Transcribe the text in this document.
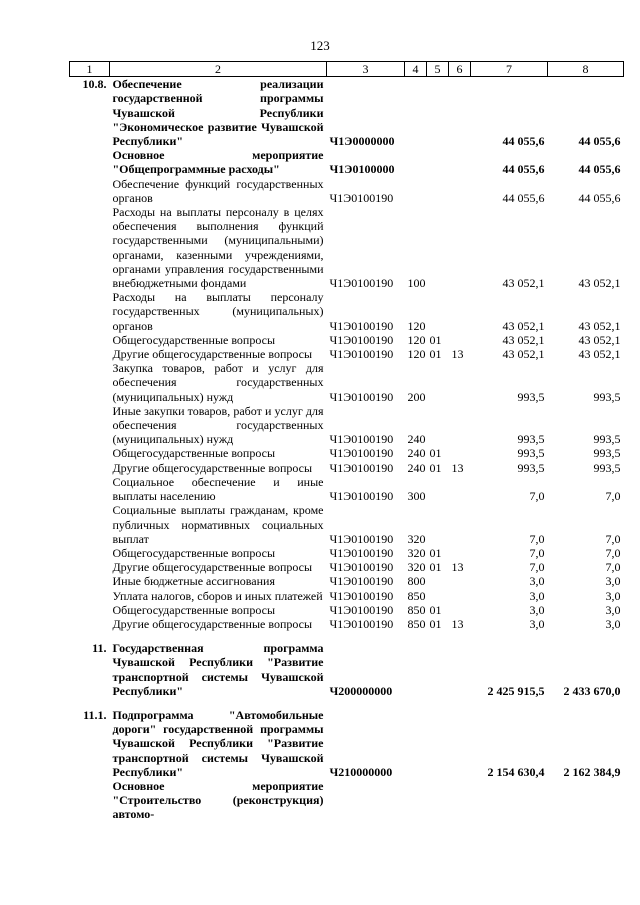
123
1	2	3	4	5	6	7	8
10.8.	Обеспечение реализации государственной программы Чувашской Республики "Экономическое развитие Чувашской Республики"	Ч1Э0000000				44 055,6	44 055,6
	Основное мероприятие "Общепрограммные расходы"	Ч1Э0100000				44 055,6	44 055,6
	Обеспечение функций государственных органов	Ч1Э0100190				44 055,6	44 055,6
	Расходы на выплаты персоналу в целях обеспечения выполнения функций государственными (муниципальными) органами, казенными учреждениями, органами управления государственными внебюджетными фондами	Ч1Э0100190	100			43 052,1	43 052,1
	Расходы на выплаты персоналу государственных (муниципальных) органов	Ч1Э0100190	120			43 052,1	43 052,1
	Общегосударственные вопросы	Ч1Э0100190	120	01		43 052,1	43 052,1
	Другие общегосударственные вопросы	Ч1Э0100190	120	01	13	43 052,1	43 052,1
	Закупка товаров, работ и услуг для обеспечения государственных (муниципальных) нужд	Ч1Э0100190	200			993,5	993,5
	Иные закупки товаров, работ и услуг для обеспечения государственных (муниципальных) нужд	Ч1Э0100190	240			993,5	993,5
	Общегосударственные вопросы	Ч1Э0100190	240	01		993,5	993,5
	Другие общегосударственные вопросы	Ч1Э0100190	240	01	13	993,5	993,5
	Социальное обеспечение и иные выплаты населению	Ч1Э0100190	300			7,0	7,0
	Социальные выплаты гражданам, кроме публичных нормативных социальных выплат	Ч1Э0100190	320			7,0	7,0
	Общегосударственные вопросы	Ч1Э0100190	320	01		7,0	7,0
	Другие общегосударственные вопросы	Ч1Э0100190	320	01	13	7,0	7,0
	Иные бюджетные ассигнования	Ч1Э0100190	800			3,0	3,0
	Уплата налогов, сборов и иных платежей	Ч1Э0100190	850			3,0	3,0
	Общегосударственные вопросы	Ч1Э0100190	850	01		3,0	3,0
	Другие общегосударственные вопросы	Ч1Э0100190	850	01	13	3,0	3,0

11.	Государственная программа Чувашской Республики "Развитие транспортной системы Чувашской Республики"	Ч200000000				2 425 915,5	2 433 670,0

11.1.	Подпрограмма "Автомобильные дороги" государственной программы Чувашской Республики "Развитие транспортной системы Чувашской Республики"	Ч210000000				2 154 630,4	2 162 384,9
	Основное мероприятие "Строительство (реконструкция) автомо-						
